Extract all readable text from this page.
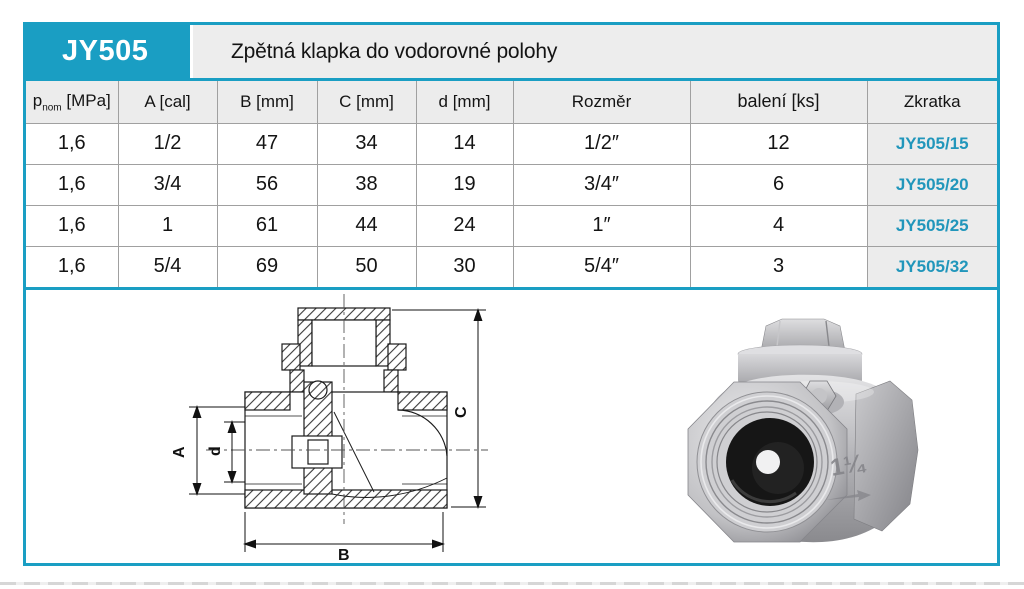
JY505	Zpětná klapka do vodorovné polohy
$p_{nom}$ [MPa]	A [cal]	B [mm]	C [mm]	d [mm]	Rozměr	balení [ks]	Zkratka
1,6	1/2	47	34	14	1/2″	12	JY505/15
1,6	3/4	56	38	19	3/4″	6	JY505/20
1,6	1	61	44	24	1″	4	JY505/25
1,6	5/4	69	50	30	5/4″	3	JY505/32
A d
C
B
1¼
